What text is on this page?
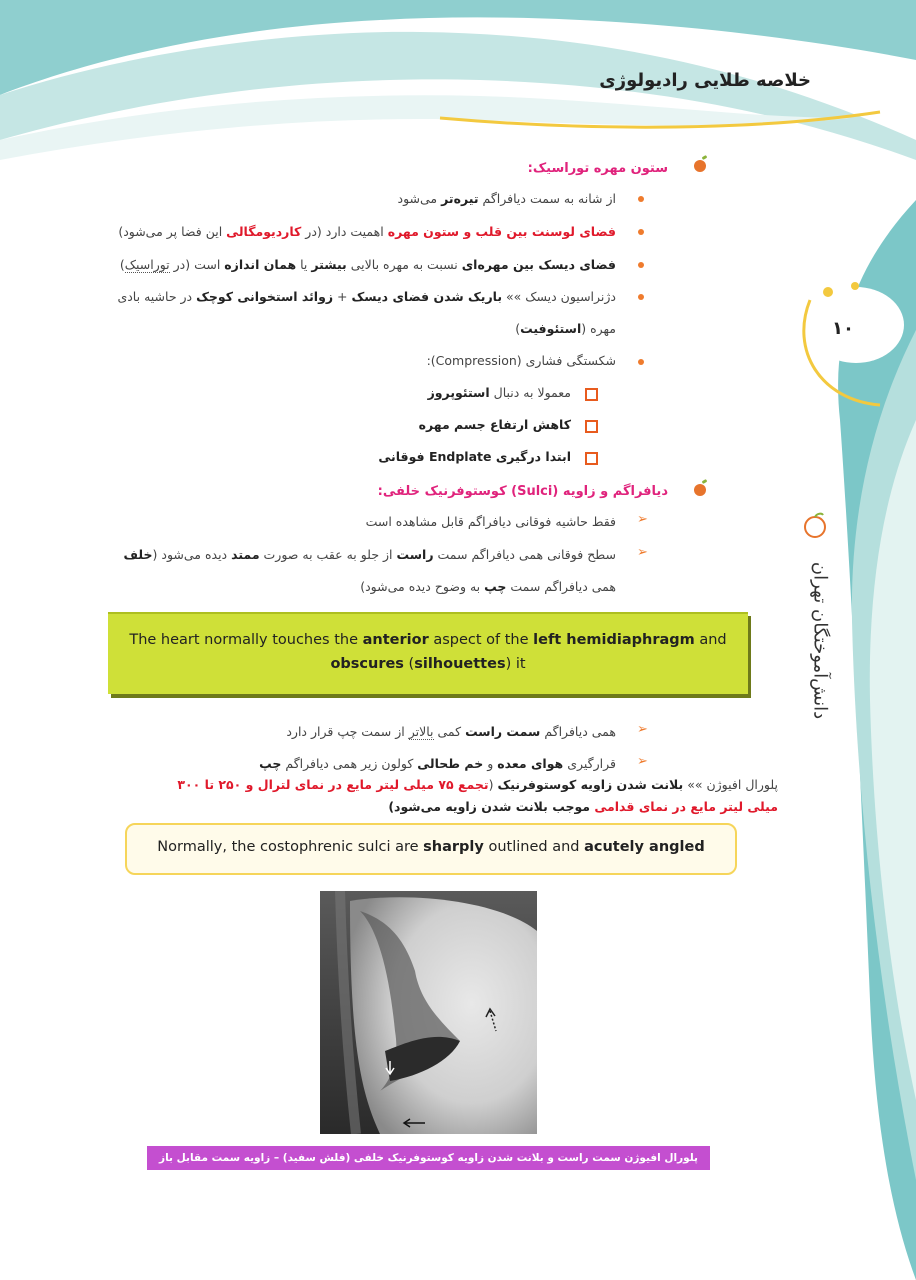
خلاصه طلایی رادیولوژی
۱۰
دانش‌آموختگان تهران
ستون مهره توراسیک:
از شانه به سمت دیافراگم تیره‌تر می‌شود
فضای لوسنت بین قلب و ستون مهره اهمیت دارد (در کاردیومگالی این فضا پر می‌شود)
فضای دیسک بین مهره‌ای نسبت به مهره بالایی بیشتر یا همان اندازه است (در توراسیک)
دژنراسیون دیسک »» باریک شدن فضای دیسک + زوائد استخوانی کوچک در حاشیه بادی
مهره (استئوفیت)
شکستگی فشاری (Compression):
معمولا به دنبال استئوپروز
کاهش ارتفاع جسم مهره
ابتدا درگیری Endplate فوقانی
دیافراگم و زاویه (Sulci) کوستوفرنیک خلفی:
➢
فقط حاشیه فوقانی دیافراگم قابل مشاهده است
➢
سطح فوقانی همی دیافراگم سمت راست از جلو به عقب به صورت ممتد دیده می‌شود (خلف
همی دیافراگم سمت چپ به وضوح دیده می‌شود)
The heart normally touches the anterior aspect of the left hemidiaphragm and
obscures (silhouettes) it
➢
همی دیافراگم سمت راست کمی بالاتر از سمت چپ قرار دارد
➢
قرارگیری هوای معده و خم طحالی کولون زیر همی دیافراگم چپ
پلورال افیوژن »» بلانت شدن زاویه کوستوفرنیک (تجمع ۷۵ میلی لیتر مایع در نمای لترال و ۲۵۰ تا ۳۰۰
میلی لیتر مایع در نمای قدامی موجب بلانت شدن زاویه می‌شود)
Normally, the costophrenic sulci are sharply outlined and acutely angled
پلورال افیوژن سمت راست و بلانت شدن زاویه کوستوفرنیک خلفی (فلش سفید) – زاویه سمت مقابل باز است (فلش سیاه)
